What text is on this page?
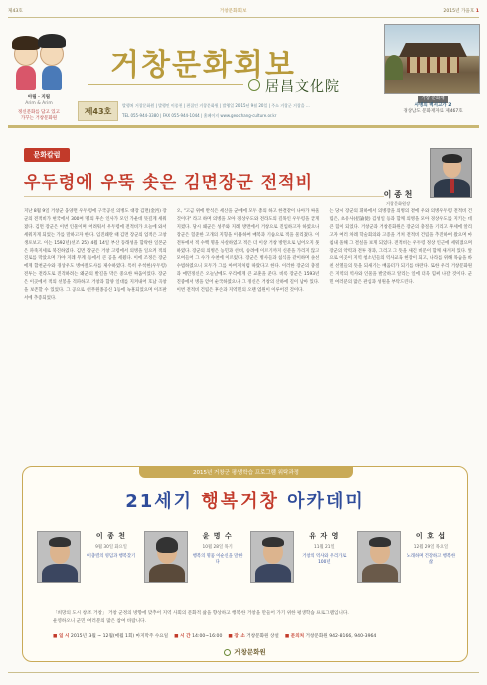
제43호	거창문화회보	2015년 가을호 1
아림 · 지림
Arim & Arim
정신문화를 담고 있고
가꾸는 거창문화원
거창문화회보
居昌文化院
제43호
발행처 거창문화원 | 발행인 이종천 | 편집인 거창문화원 | 발행일 2015년 9월 20일 | 주소 거창군 거창읍 ...
TEL 055-944-3380 | FAX 055-944-1044 | 홈페이지 www.geochang-culture.or.kr
거창 문화재
사병의 벽서고가 2
경상남도 문화재자료 제467호
문화칼럼
우두령에 우뚝 솟은 김면장군 전적비
이 종 천
거창문화원장
지난 8월 9일 거창군 웅양면 우두령에 구국공신 의병도 대장 김면(金沔) 장군의 전적비가 현국에서 300여 명의 후손 인사가 모인 가운데 뜻깊게 세워졌다. 김면 장군은 이번 인물이며 어려워서 우두령에 전적비가 오늘에 와서 세워지게 되었는 가를 말하고자 한다. 임진왜란 때 김면 장군의 업적은 고창 생포보고. 이는 1592년(선조 25) 4월 14일 부산 동래성을 함락한 일본군은 파죽지세로 북진하였다. 김면 장군은 거창 고령에서 의병을 일으켜 적의 진로를 막았으며 가야 지례 무계 등에서 큰 공을 세웠다. 이에 조정은 장군에게 합천군수와 경상우도 병마절도사를 제수하였다. 특히 우척현(우두령) 전투는 전라도로 진격하려는 왜군의 발길을 막은 중요한 싸움이었다. 장군은 이곳에서 적의 선봉을 격파하고 거창과 함양 일대를 지켜내어 호남 곡창을 보존할 수 있었다. 그 공으로 선무원종공신 1등에 녹훈되었으며 이조판서에 추증되었다.
오, "고금 위에 반석은 세산을 군에에 모두 총의 하고 한결같이 나아가 싸울 것이다" 라고 하며 의병을 모아 경상우도와 전라도의 길목인 우두령을 굳게 지켰다. 당시 왜군은 성주와 지례 방면에서 거창으로 진입하고자 하였으나 장군은 험준한 고개의 지형을 이용하여 매복과 기습으로 적을 물리쳤다. 이 전투에서 적 수백 명을 사살하였고 적은 더 이상 거창 방면으로 넘어오지 못하였다. 장군의 의병은 농민과 선비, 승려에 이르기까지 신분을 가리지 않고 모여들어 그 수가 수천에 이르렀다. 장군은 병사들과 침식을 같이하며 솔선수범하였으니 모두가 그를 아버지처럼 따랐다고 한다. 이러한 장군의 충절과 애민정신은 오늘날에도 우리에게 큰 교훈을 준다. 비록 장군은 1593년 진중에서 병을 얻어 순국하였으나 그 정신은 거창의 산하에 길이 남아 있다. 이번 전적비 건립은 후손과 지역민의 오랜 염원이 이루어진 것이다.
는 당시 장군의 휘하에서 의병장을 의병의 곁에 우와 의병우두령 전적비 건립은, 초유사(招諭使) 김성일 등과 함께 의병을 모아 경상우도를 지키는 데 큰 힘이 되었다. 거창군과 거창문화원은 장군의 충절을 기리고 후세에 알리고자 여러 차례 학술회의와 고증을 거쳐 전적비 건립을 추진하여 왔으며 마침내 올해 그 결실을 보게 되었다. 전적비는 우두령 정상 인근에 세워졌으며 장군의 약력과 전투 경과, 그리고 그 뜻을 새긴 비문이 함께 새겨져 있다. 앞으로 이곳이 지역 청소년들의 역사교육 현장이 되고, 나라를 위해 목숨을 바친 선열들의 뜻을 되새기는 배움터가 되기를 바란다. 또한 우리 거창문화원은 지역의 역사와 인물을 발굴하고 알리는 일에 더욱 힘써 나갈 것이다. 군민 여러분의 많은 관심과 성원을 부탁드린다.
2015년 거창군 평생학습 프로그램 위탁과정
21세기 행복거창 아카데미
이 종 천
9월 30일 화요일
이충렬의 영덤과 행복찾기
윤 명 수
10월 28일 목기
행복의 명품 이순신을 말한다
유 자 영
11월 21일
거창의 역사와 우리가로 100년
이 호 섭
12월 29일 목요일
노래하며 건강하고 행복한 삶
「희망의 도시 창조 거창」 거창 군정의 방향에 맞추어 지역 사회의 문화적 삶을 향상하고 행복한 거창을 만들어 가기 위한 평생학습 프로그램입니다.
운영하오니 군민 여러분의 많은 참여 바랍니다.
■ 일 시 2015년 3월 ~ 12월(매월 1회) 마지막주 수요일 ■ 시 간 14:00~16:00 ■ 장 소 거창문화원 상설 ■ 문의처 거창문화원 942-8166, 940-3964
거창문화원
